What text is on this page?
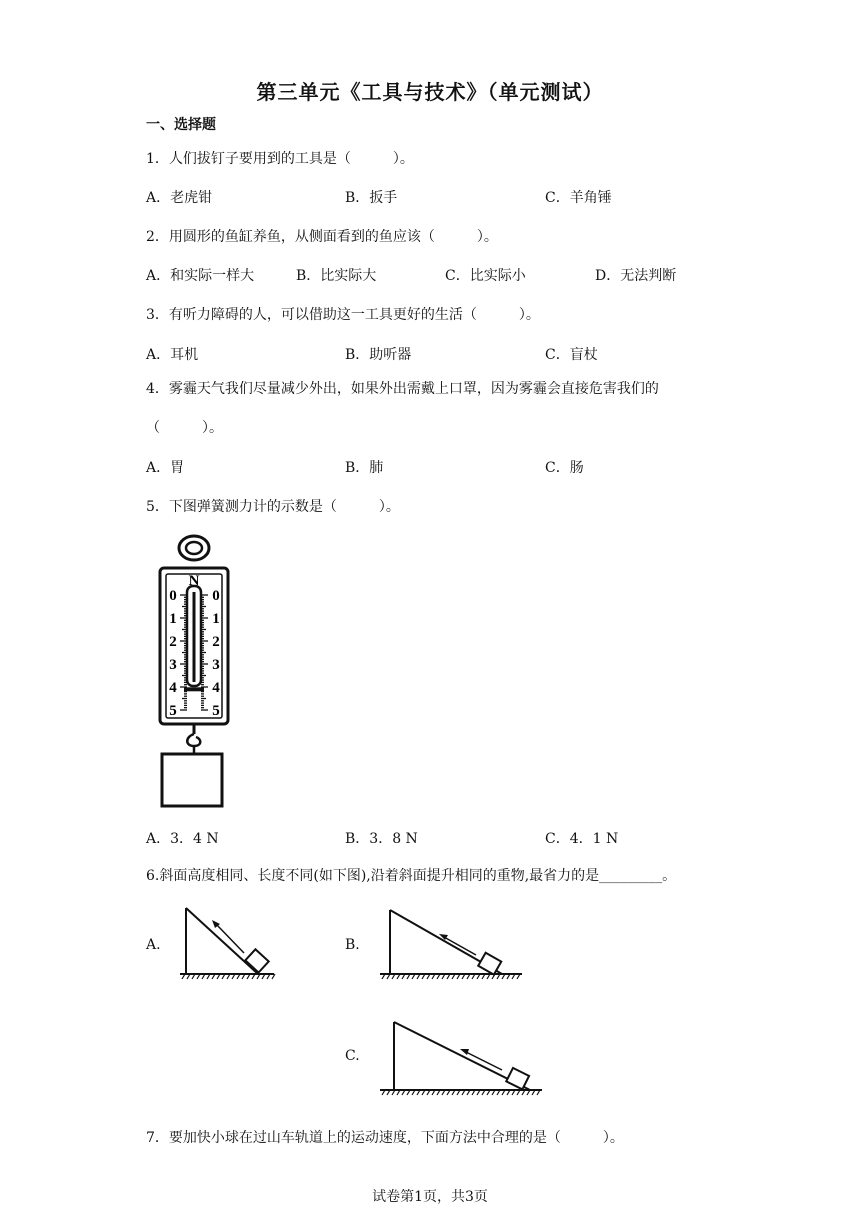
第三单元《工具与技术》（单元测试）
一、选择题
1．人们拔钉子要用到的工具是（　　　）。
A．老虎钳	B．扳手	C．羊角锤
2．用圆形的鱼缸养鱼，从侧面看到的鱼应该（　　　）。
A．和实际一样大	B．比实际大	C．比实际小	D．无法判断
3．有听力障碍的人，可以借助这一工具更好的生活（　　　）。
A．耳机	B．助听器	C．盲杖
4．雾霾天气我们尽量减少外出，如果外出需戴上口罩，因为雾霾会直接危害我们的
（　　　）。
A．胃	B．肺	C．肠
5．下图弹簧测力计的示数是（　　　）。
N
0
1
2
3
4
5
0
1
2
3
4
5
A．3．4 N	B．3．8 N	C．4．1 N
6.斜面高度相同、长度不同(如下图),沿着斜面提升相同的重物,最省力的是_________。
A.	B.
C.
7．要加快小球在过山车轨道上的运动速度，下面方法中合理的是（　　　）。
试卷第1页，共3页
